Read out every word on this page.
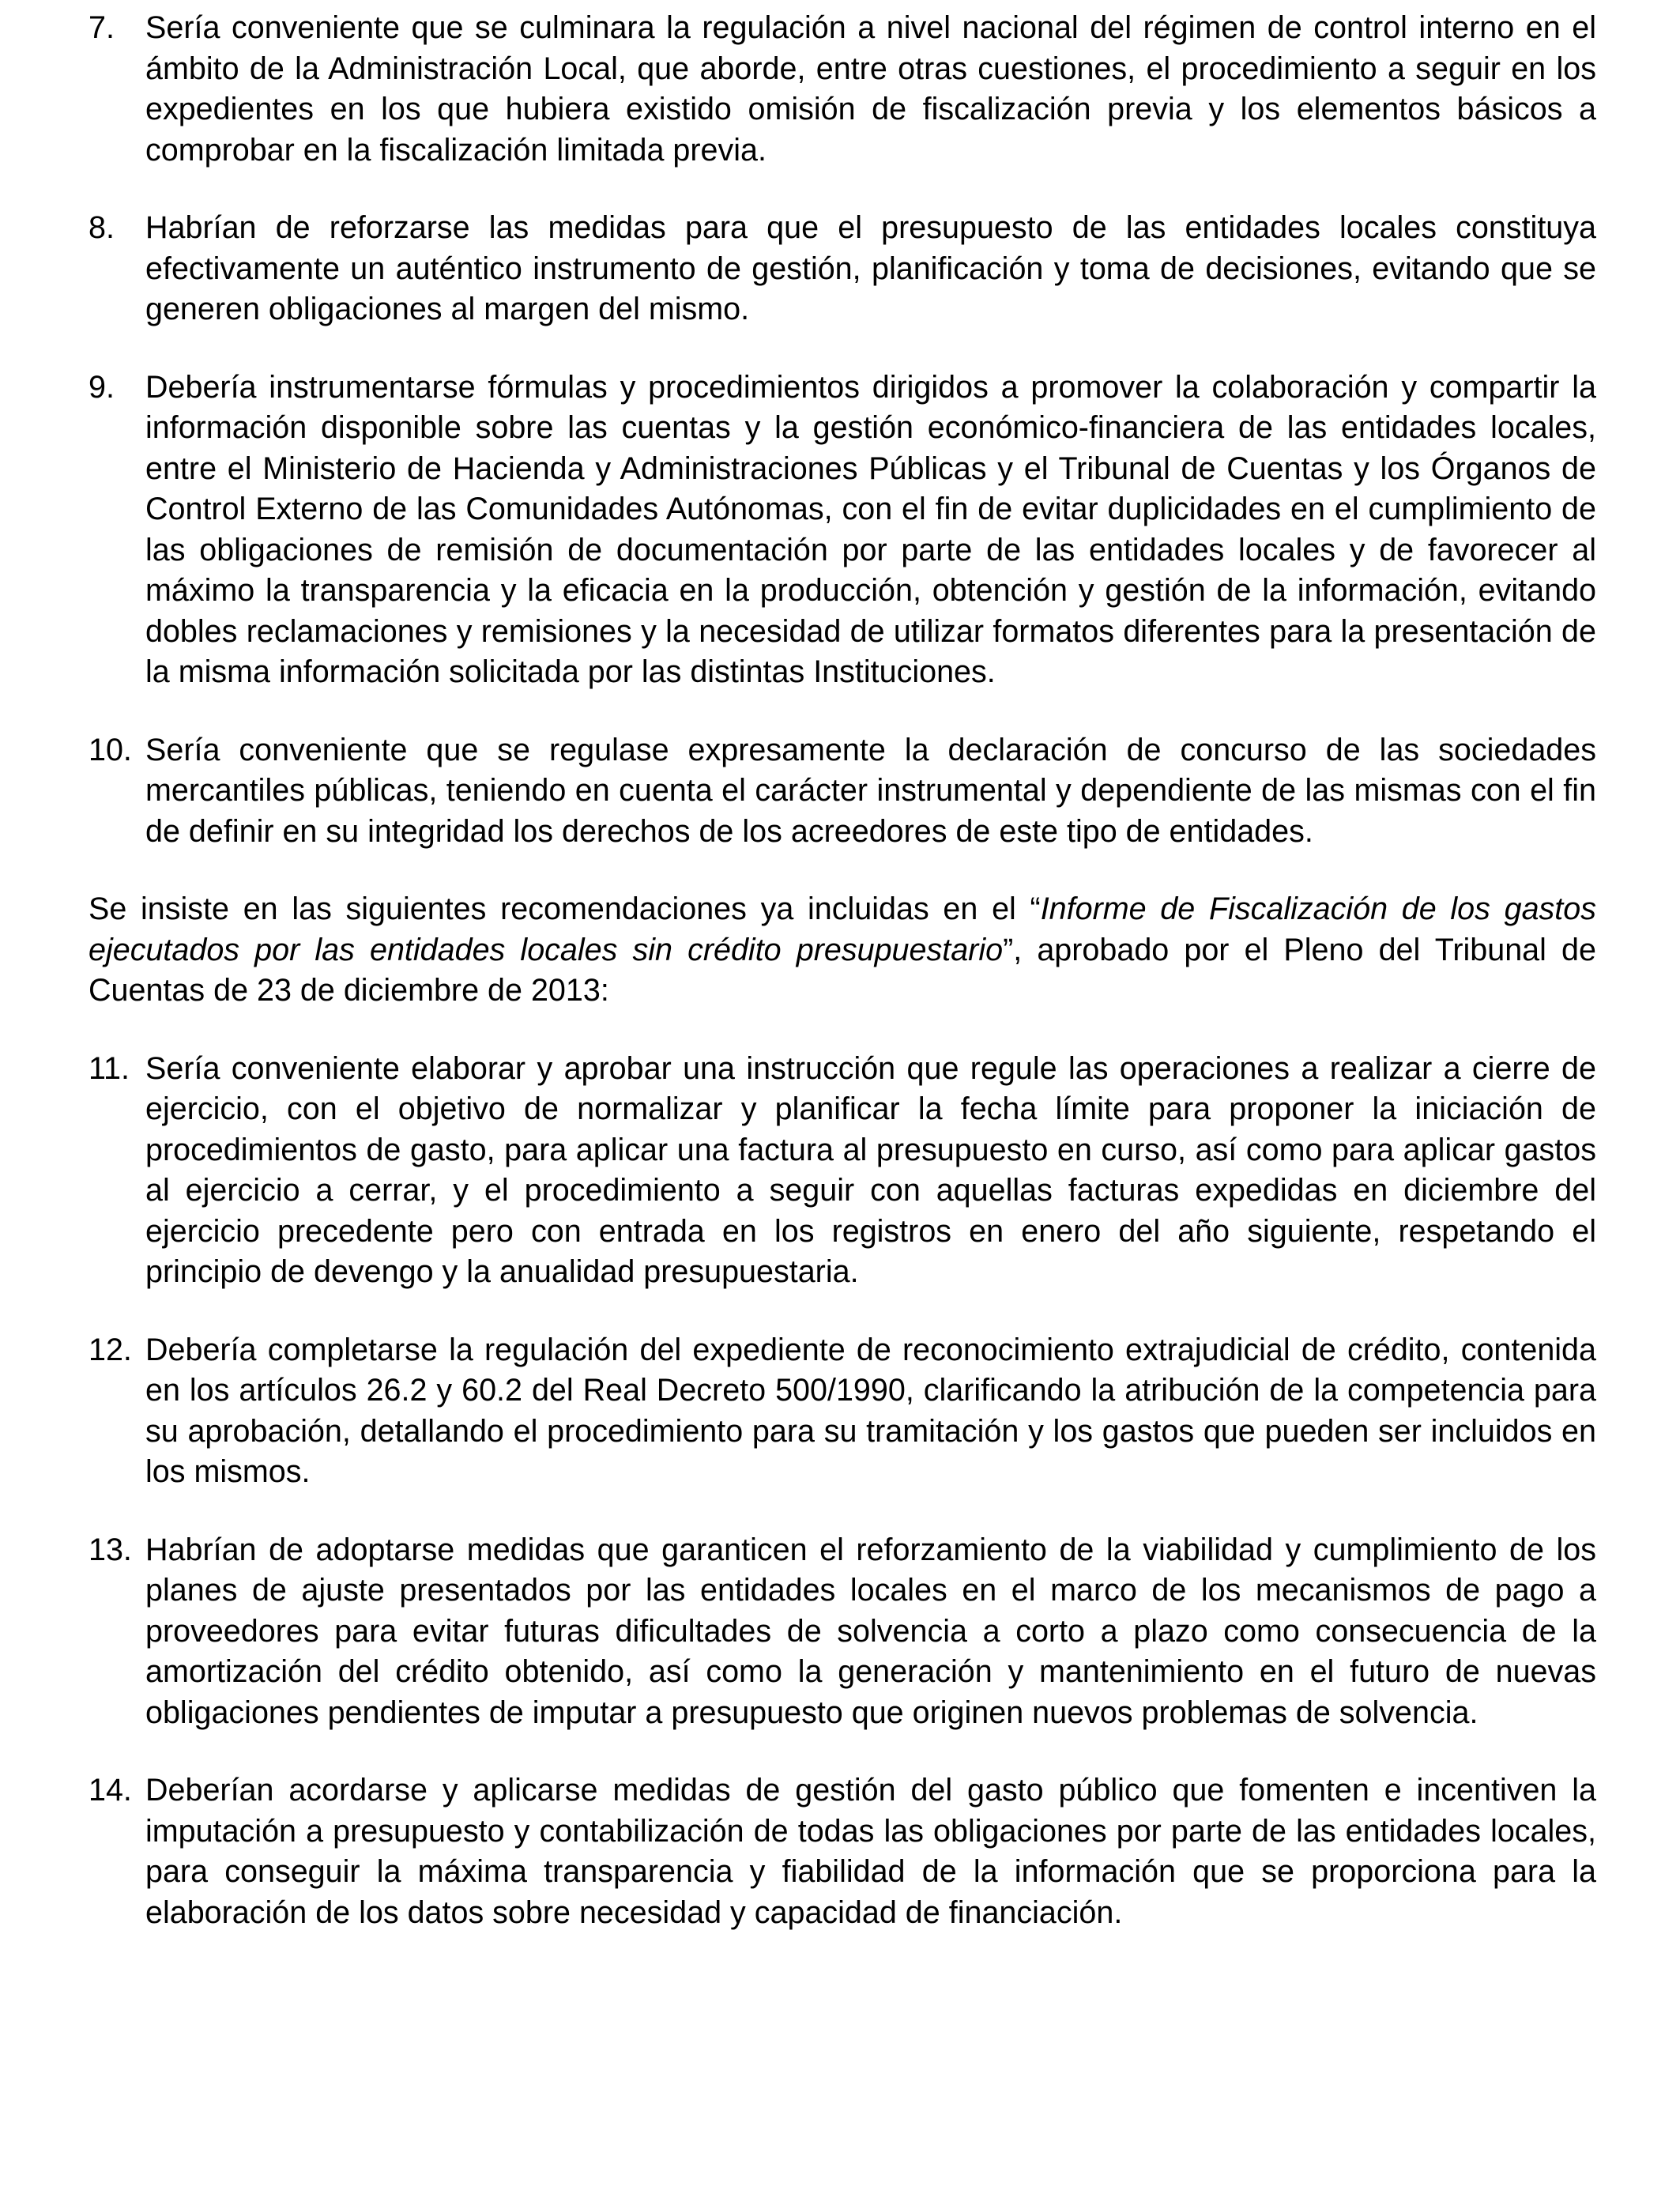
7. Sería conveniente que se culminara la regulación a nivel nacional del régimen de control interno en el ámbito de la Administración Local, que aborde, entre otras cuestiones, el procedimiento a seguir en los expedientes en los que hubiera existido omisión de fiscalización previa y los elementos básicos a comprobar en la fiscalización limitada previa.
8. Habrían de reforzarse las medidas para que el presupuesto de las entidades locales constituya efectivamente un auténtico instrumento de gestión, planificación y toma de decisiones, evitando que se generen obligaciones al margen del mismo.
9. Debería instrumentarse fórmulas y procedimientos dirigidos a promover la colaboración y compartir la información disponible sobre las cuentas y la gestión económico-financiera de las entidades locales, entre el Ministerio de Hacienda y Administraciones Públicas y el Tribunal de Cuentas y los Órganos de Control Externo de las Comunidades Autónomas, con el fin de evitar duplicidades en el cumplimiento de las obligaciones de remisión de documentación por parte de las entidades locales y de favorecer al máximo la transparencia y la eficacia en la producción, obtención y gestión de la información, evitando dobles reclamaciones y remisiones y la necesidad de utilizar formatos diferentes para la presentación de la misma información solicitada por las distintas Instituciones.
10. Sería conveniente que se regulase expresamente la declaración de concurso de las sociedades mercantiles públicas, teniendo en cuenta el carácter instrumental y dependiente de las mismas con el fin de definir en su integridad los derechos de los acreedores de este tipo de entidades.

Se insiste en las siguientes recomendaciones ya incluidas en el “Informe de Fiscalización de los gastos ejecutados por las entidades locales sin crédito presupuestario”, aprobado por el Pleno del Tribunal de Cuentas de 23 de diciembre de 2013:

11. Sería conveniente elaborar y aprobar una instrucción que regule las operaciones a realizar a cierre de ejercicio, con el objetivo de normalizar y planificar la fecha límite para proponer la iniciación de procedimientos de gasto, para aplicar una factura al presupuesto en curso, así como para aplicar gastos al ejercicio a cerrar, y el procedimiento a seguir con aquellas facturas expedidas en diciembre del ejercicio precedente pero con entrada en los registros en enero del año siguiente, respetando el principio de devengo y la anualidad presupuestaria.
12. Debería completarse la regulación del expediente de reconocimiento extrajudicial de crédito, contenida en los artículos 26.2 y 60.2 del Real Decreto 500/1990, clarificando la atribución de la competencia para su aprobación, detallando el procedimiento para su tramitación y los gastos que pueden ser incluidos en los mismos.
13. Habrían de adoptarse medidas que garanticen el reforzamiento de la viabilidad y cumplimiento de los planes de ajuste presentados por las entidades locales en el marco de los mecanismos de pago a proveedores para evitar futuras dificultades de solvencia a corto a plazo como consecuencia de la amortización del crédito obtenido, así como la generación y mantenimiento en el futuro de nuevas obligaciones pendientes de imputar a presupuesto que originen nuevos problemas de solvencia.
14. Deberían acordarse y aplicarse medidas de gestión del gasto público que fomenten e incentiven la imputación a presupuesto y contabilización de todas las obligaciones por parte de las entidades locales, para conseguir la máxima transparencia y fiabilidad de la información que se proporciona para la elaboración de los datos sobre necesidad y capacidad de financiación.
